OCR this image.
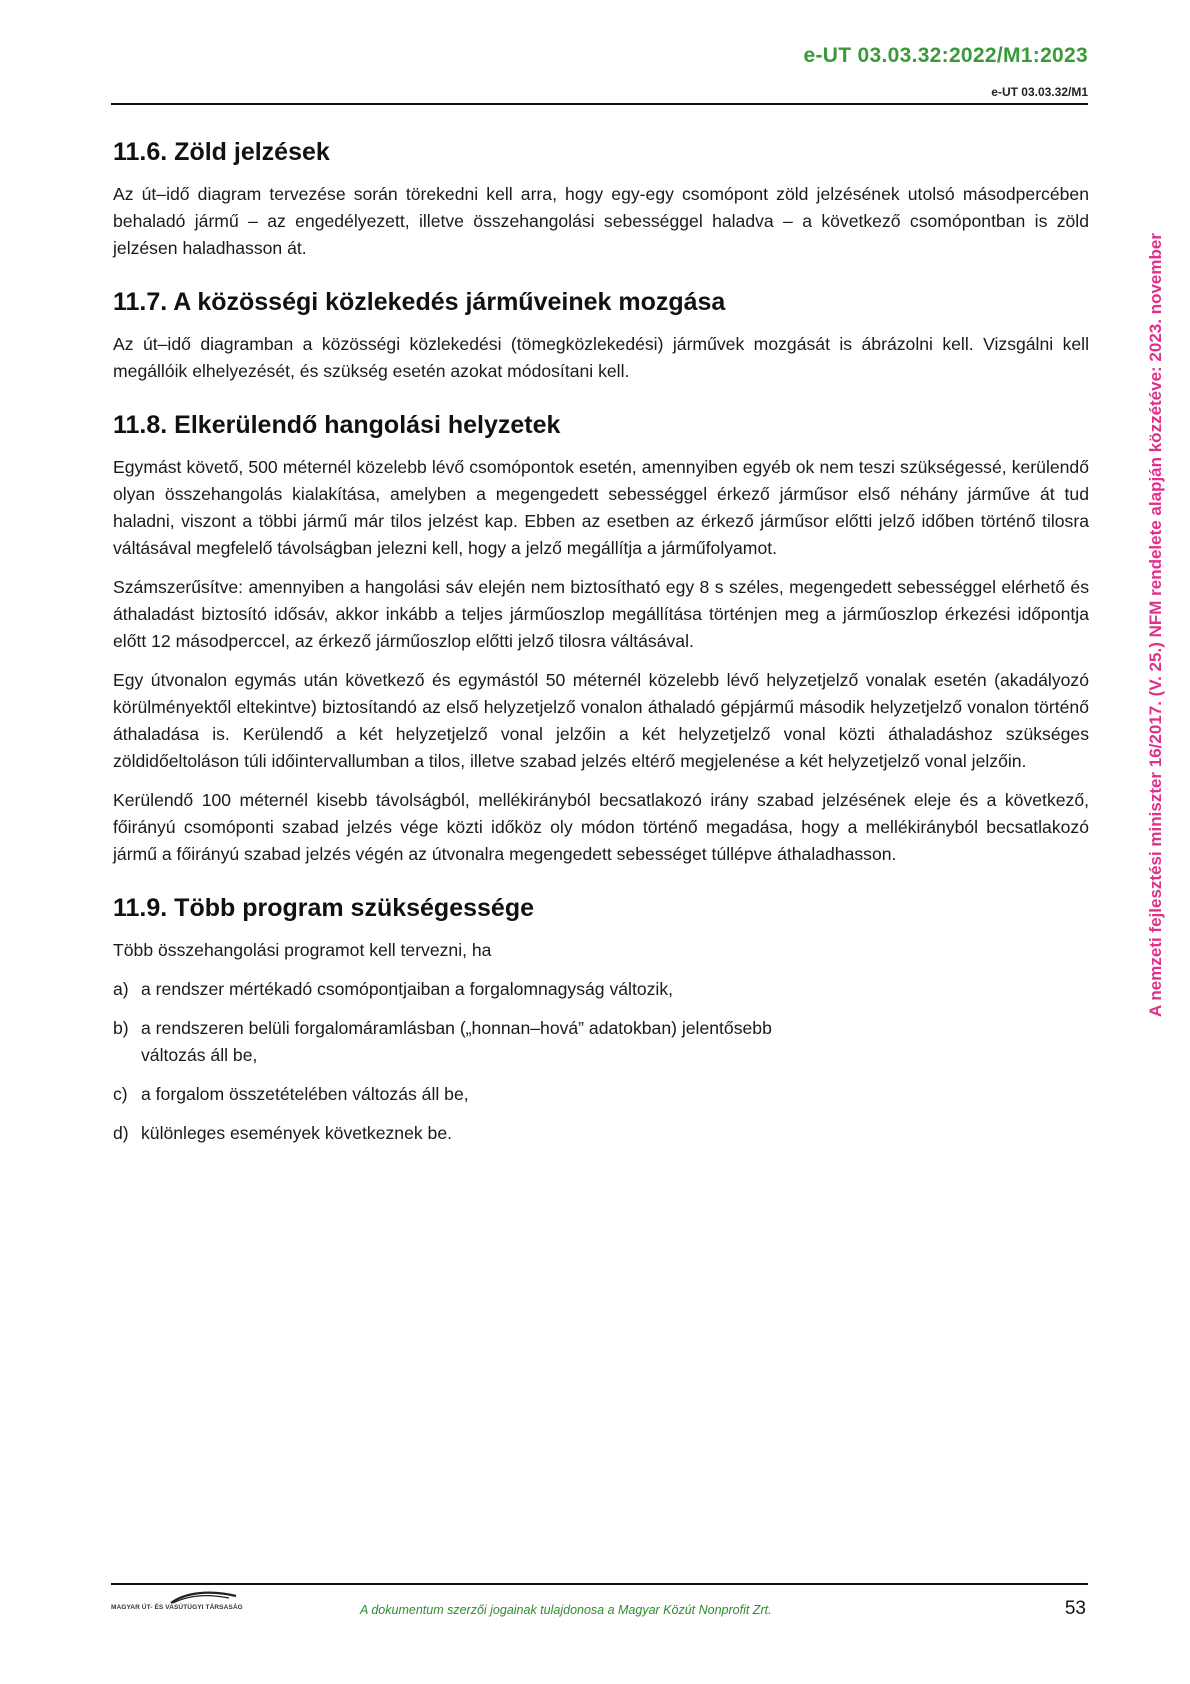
e-UT 03.03.32:2022/M1:2023
e-UT 03.03.32/M1
A nemzeti fejlesztési miniszter 16/2017. (V. 25.) NFM rendelete alapján közzétéve: 2023. november
11.6. Zöld jelzések

Az út–idő diagram tervezése során törekedni kell arra, hogy egy-egy csomópont zöld jelzésének utolsó másodpercében behaladó jármű – az engedélyezett, illetve összehangolási sebességgel haladva – a következő csomópontban is zöld jelzésen haladhasson át.

11.7. A közösségi közlekedés járműveinek mozgása

Az út–idő diagramban a közösségi közlekedési (tömegközlekedési) járművek mozgását is ábrázolni kell. Vizsgálni kell megállóik elhelyezését, és szükség esetén azokat módosítani kell.

11.8. Elkerülendő hangolási helyzetek

Egymást követő, 500 méternél közelebb lévő csomópontok esetén, amennyiben egyéb ok nem teszi szükségessé, kerülendő olyan összehangolás kialakítása, amelyben a megengedett sebességgel érkező járműsor első néhány járműve át tud haladni, viszont a többi jármű már tilos jelzést kap. Ebben az esetben az érkező járműsor előtti jelző időben történő tilosra váltásával megfelelő távolságban jelezni kell, hogy a jelző megállítja a járműfolyamot.

Számszerűsítve: amennyiben a hangolási sáv elején nem biztosítható egy 8 s széles, megengedett sebességgel elérhető és áthaladást biztosító idősáv, akkor inkább a teljes járműoszlop megállítása történjen meg a járműoszlop érkezési időpontja előtt 12 másodperccel, az érkező járműoszlop előtti jelző tilosra váltásával.

Egy útvonalon egymás után következő és egymástól 50 méternél közelebb lévő helyzetjelző vonalak esetén (akadályozó körülményektől eltekintve) biztosítandó az első helyzetjelző vonalon áthaladó gépjármű második helyzetjelző vonalon történő áthaladása is. Kerülendő a két helyzetjelző vonal jelzőin a két helyzetjelző vonal közti áthaladáshoz szükséges zöldidőeltoláson túli időintervallumban a tilos, illetve szabad jelzés eltérő megjelenése a két helyzetjelző vonal jelzőin.

Kerülendő 100 méternél kisebb távolságból, mellékirányból becsatlakozó irány szabad jelzésének eleje és a következő, főirányú csomóponti szabad jelzés vége közti időköz oly módon történő megadása, hogy a mellékirányból becsatlakozó jármű a főirányú szabad jelzés végén az útvonalra megengedett sebességet túllépve áthaladhasson.

11.9. Több program szükségessége

Több összehangolási programot kell tervezni, ha

a) a rendszer mértékadó csomópontjaiban a forgalomnagyság változik,
b) a rendszeren belüli forgalomáramlásban („honnan–hová” adatokban) jelentősebb változás áll be,
c) a forgalom összetételében változás áll be,
d) különleges események következnek be.
MAGYAR ÚT- ÉS VASÚTÜGYI TÁRSASÁG	A dokumentum szerzői jogainak tulajdonosa a Magyar Közút Nonprofit Zrt.	53
